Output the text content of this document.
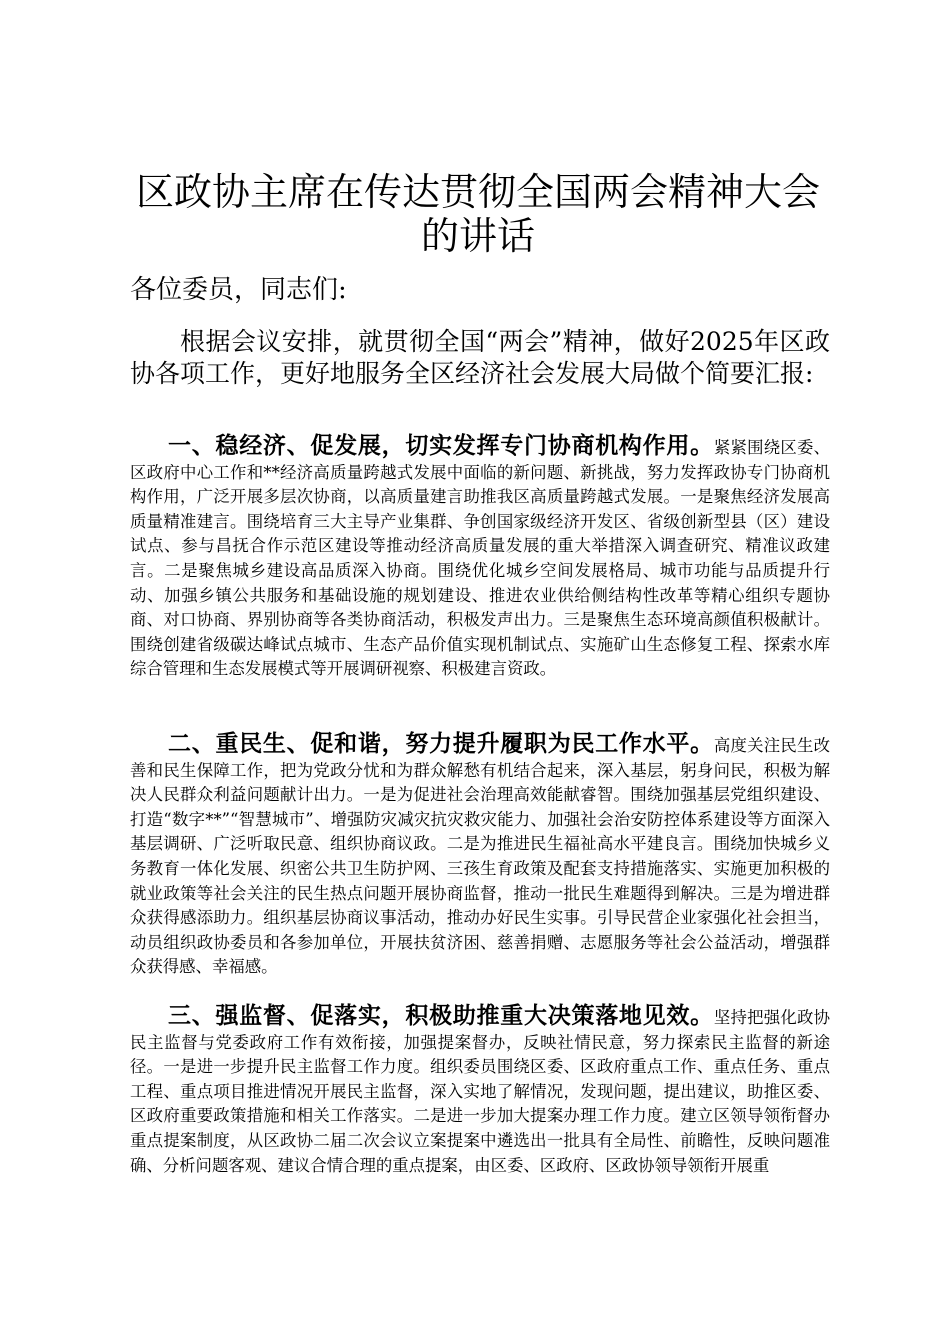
区政协主席在传达贯彻全国两会精神大会的讲话

各位委员，同志们:

根据会议安排，就贯彻全国“两会”精神，做好2025年区政协各项工作，更好地服务全区经济社会发展大局做个简要汇报:

一、稳经济、促发展，切实发挥专门协商机构作用。紧紧围绕区委、区政府中心工作和**经济高质量跨越式发展中面临的新问题、新挑战，努力发挥政协专门协商机构作用，广泛开展多层次协商，以高质量建言助推我区高质量跨越式发展。一是聚焦经济发展高质量精准建言。围绕培育三大主导产业集群、争创国家级经济开发区、省级创新型县（区）建设试点、参与昌抚合作示范区建设等推动经济高质量发展的重大举措深入调查研究、精准议政建言。二是聚焦城乡建设高品质深入协商。围绕优化城乡空间发展格局、城市功能与品质提升行动、加强乡镇公共服务和基础设施的规划建设、推进农业供给侧结构性改革等精心组织专题协商、对口协商、界别协商等各类协商活动，积极发声出力。三是聚焦生态环境高颜值积极献计。围绕创建省级碳达峰试点城市、生态产品价值实现机制试点、实施矿山生态修复工程、探索水库综合管理和生态发展模式等开展调研视察、积极建言资政。

二、重民生、促和谐，努力提升履职为民工作水平。高度关注民生改善和民生保障工作，把为党政分忧和为群众解愁有机结合起来，深入基层，躬身问民，积极为解决人民群众利益问题献计出力。一是为促进社会治理高效能献睿智。围绕加强基层党组织建设、打造“数字**”“智慧城市”、增强防灾减灾抗灾救灾能力、加强社会治安防控体系建设等方面深入基层调研、广泛听取民意、组织协商议政。二是为推进民生福祉高水平建良言。围绕加快城乡义务教育一体化发展、织密公共卫生防护网、三孩生育政策及配套支持措施落实、实施更加积极的就业政策等社会关注的民生热点问题开展协商监督，推动一批民生难题得到解决。三是为增进群众获得感添助力。组织基层协商议事活动，推动办好民生实事。引导民营企业家强化社会担当，动员组织政协委员和各参加单位，开展扶贫济困、慈善捐赠、志愿服务等社会公益活动，增强群众获得感、幸福感。

三、强监督、促落实，积极助推重大决策落地见效。坚持把强化政协民主监督与党委政府工作有效衔接，加强提案督办，反映社情民意，努力探索民主监督的新途径。一是进一步提升民主监督工作力度。组织委员围绕区委、区政府重点工作、重点任务、重点工程、重点项目推进情况开展民主监督，深入实地了解情况，发现问题，提出建议，助推区委、区政府重要政策措施和相关工作落实。二是进一步加大提案办理工作力度。建立区领导领衔督办重点提案制度，从区政协二届二次会议立案提案中遴选出一批具有全局性、前瞻性，反映问题准确、分析问题客观、建议合情合理的重点提案，由区委、区政府、区政协领导领衔开展重
